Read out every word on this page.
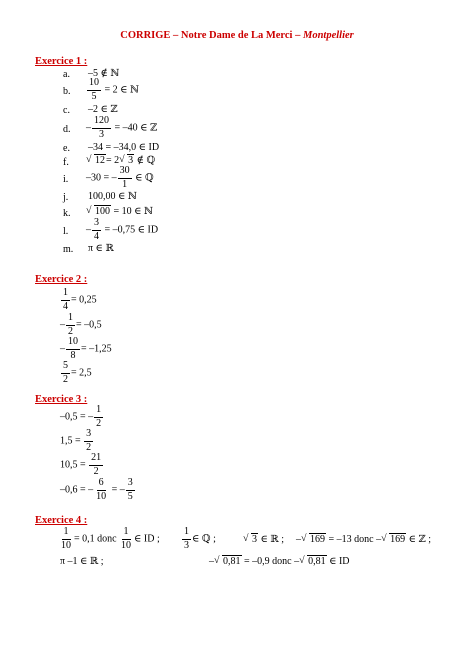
CORRIGE – Notre Dame de La Merci – Montpellier
Exercice 1 :
a. –5 ∉ ℕ
b. $\frac{10}{5} = 2$ ∈ ℕ
c. –2 ∈ ℤ
d. – $\frac{120}{3} = -40$ ∈ ℤ
e. –34 = –34,0 ∈ ID
f.	√ 12= 2 √ 3 ∉ ℚ
i. –30 = – $\frac{30}{1}$ ∈ ℚ
j. 100,00 ∈ ℕ
k.	√ 100 = 10 ∈ ℕ
l. – $\frac{3}{4} = -0,75$ ∈ ID
m. π ∈ ℝ
Exercice 2 :
$\frac{1}{4} = 0,25$
– $\frac{1}{2} = -0,5$
– $\frac{10}{8} = -1,25$
$\frac{5}{2} = 2,5$
Exercice 3 :
–0,5 = – $\frac{1}{2}$
$1,5 = \frac{3}{2}$
$10,5 = \frac{21}{2}$
–0,6 = – $\frac{6}{10}$ = – $\frac{3}{5}$
Exercice 4 :
$\frac{1}{10} = 0,1$ donc $\frac{1}{10}$ ∈ ID ; $\frac{1}{3}$ ∈ ℚ ;	√ 3 ∈ ℝ ; – √ 169 = –13 donc – √ 169 ∈ ℤ ;
π –1 ∈ ℝ ;	– √ 0,81 = –0,9 donc – √ 0,81 ∈ ID
